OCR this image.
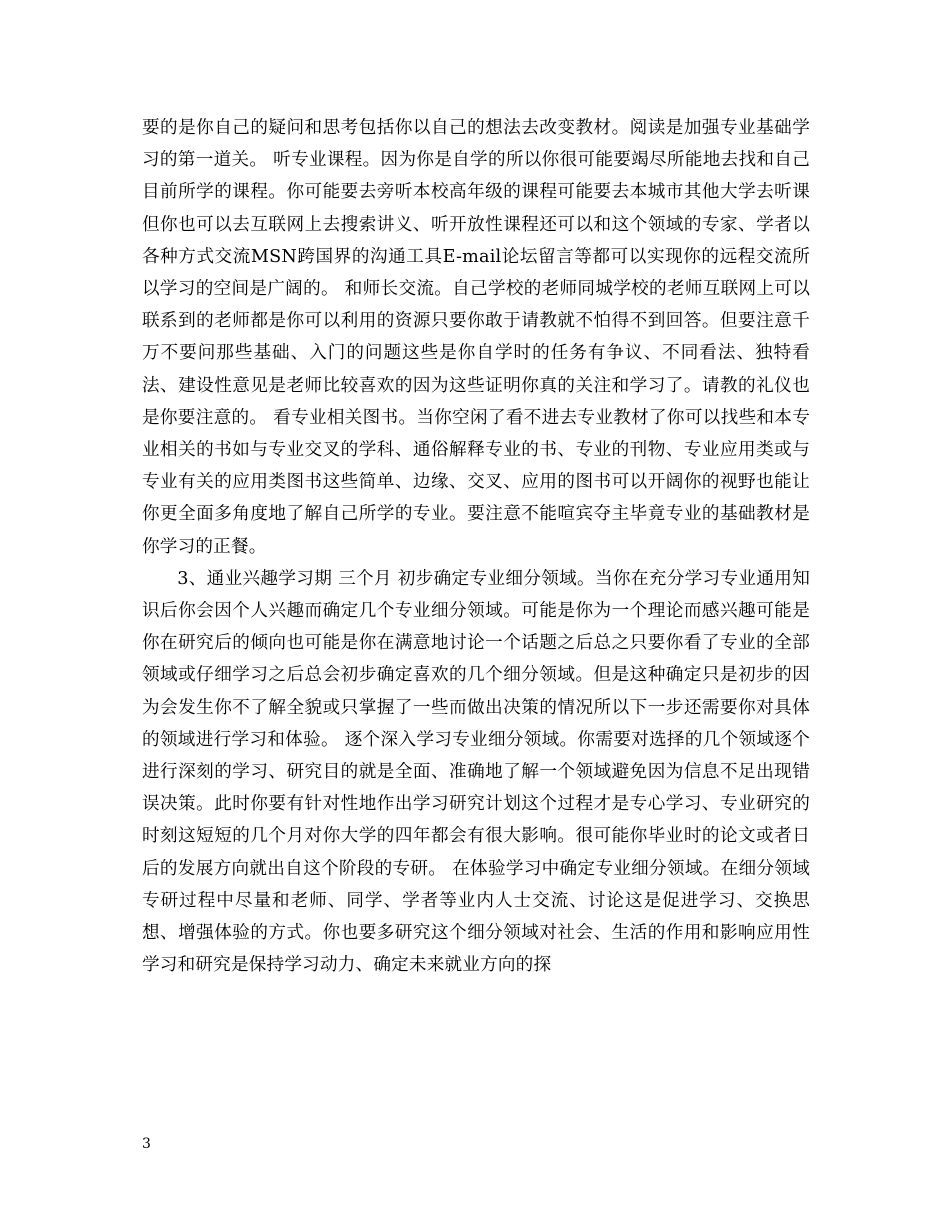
要的是你自己的疑问和思考包括你以自己的想法去改变教材。阅读是加强专业基础学习的第一道关。 听专业课程。因为你是自学的所以你很可能要竭尽所能地去找和自己目前所学的课程。你可能要去旁听本校高年级的课程可能要去本城市其他大学去听课但你也可以去互联网上去搜索讲义、听开放性课程还可以和这个领域的专家、学者以各种方式交流MSN跨国界的沟通工具E-mail论坛留言等都可以实现你的远程交流所以学习的空间是广阔的。 和师长交流。自己学校的老师同城学校的老师互联网上可以联系到的老师都是你可以利用的资源只要你敢于请教就不怕得不到回答。但要注意千万不要问那些基础、入门的问题这些是你自学时的任务有争议、不同看法、独特看法、建设性意见是老师比较喜欢的因为这些证明你真的关注和学习了。请教的礼仪也是你要注意的。 看专业相关图书。当你空闲了看不进去专业教材了你可以找些和本专业相关的书如与专业交叉的学科、通俗解释专业的书、专业的刊物、专业应用类或与专业有关的应用类图书这些简单、边缘、交叉、应用的图书可以开阔你的视野也能让你更全面多角度地了解自己所学的专业。要注意不能喧宾夺主毕竟专业的基础教材是你学习的正餐。

3、通业兴趣学习期 三个月 初步确定专业细分领域。当你在充分学习专业通用知识后你会因个人兴趣而确定几个专业细分领域。可能是你为一个理论而感兴趣可能是你在研究后的倾向也可能是你在满意地讨论一个话题之后总之只要你看了专业的全部领域或仔细学习之后总会初步确定喜欢的几个细分领域。但是这种确定只是初步的因为会发生你不了解全貌或只掌握了一些而做出决策的情况所以下一步还需要你对具体的领域进行学习和体验。 逐个深入学习专业细分领域。你需要对选择的几个领域逐个进行深刻的学习、研究目的就是全面、准确地了解一个领域避免因为信息不足出现错误决策。此时你要有针对性地作出学习研究计划这个过程才是专心学习、专业研究的时刻这短短的几个月对你大学的四年都会有很大影响。很可能你毕业时的论文或者日后的发展方向就出自这个阶段的专研。 在体验学习中确定专业细分领域。在细分领域专研过程中尽量和老师、同学、学者等业内人士交流、讨论这是促进学习、交换思想、增强体验的方式。你也要多研究这个细分领域对社会、生活的作用和影响应用性学习和研究是保持学习动力、确定未来就业方向的探

3
